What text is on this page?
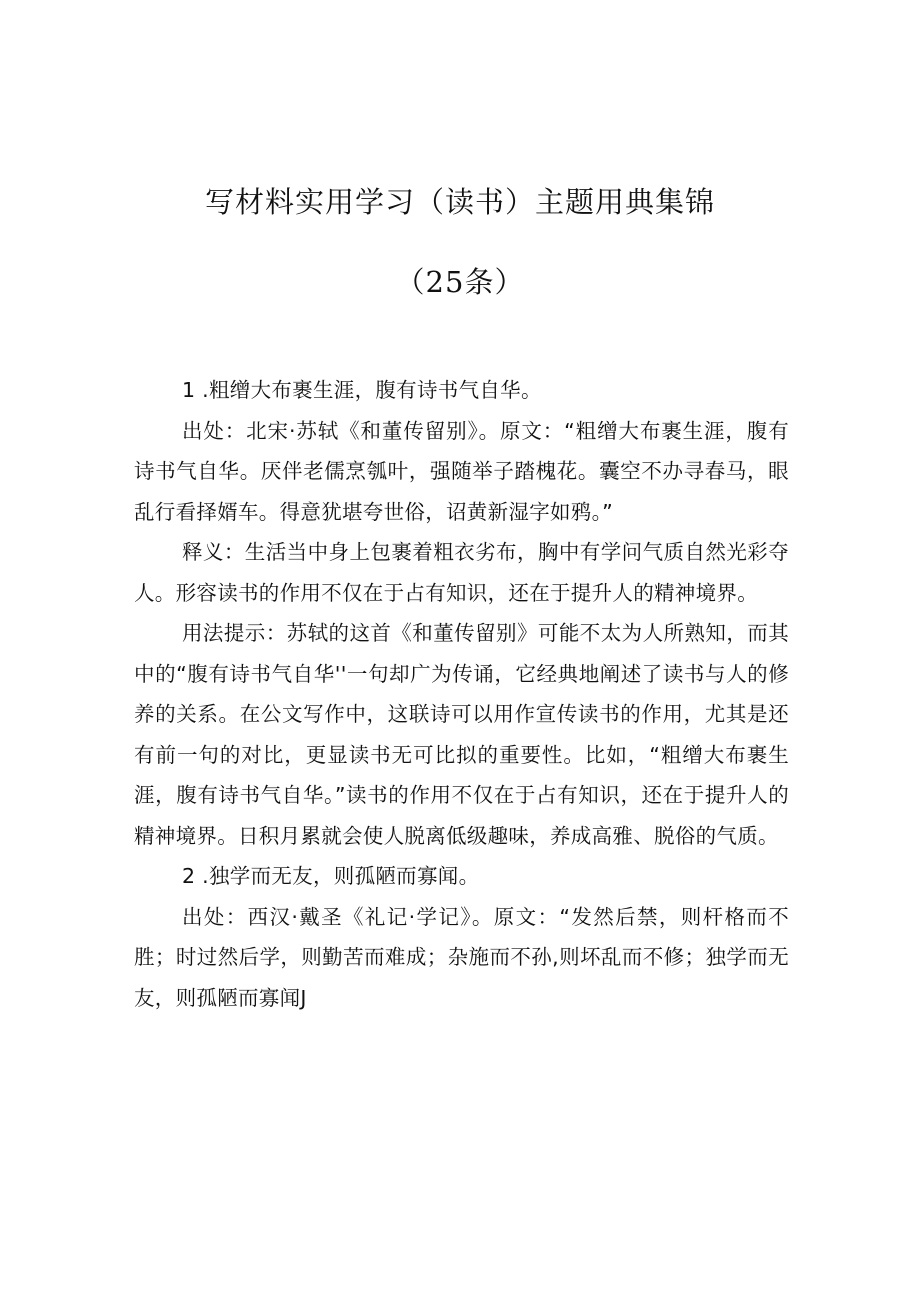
写材料实用学习（读书）主题用典集锦
（25条）

1 .粗缯大布裹生涯，腹有诗书气自华。

出处：北宋·苏轼《和董传留别》。原文：“粗缯大布裹生涯，腹有诗书气自华。厌伴老儒烹瓠叶，强随举子踏槐花。囊空不办寻春马，眼乱行看择婿车。得意犹堪夸世俗，诏黄新湿字如鸦。”

释义：生活当中身上包裹着粗衣劣布，胸中有学问气质自然光彩夺人。形容读书的作用不仅在于占有知识，还在于提升人的精神境界。

用法提示：苏轼的这首《和董传留别》可能不太为人所熟知，而其中的“腹有诗书气自华''一句却广为传诵，它经典地阐述了读书与人的修养的关系。在公文写作中，这联诗可以用作宣传读书的作用，尤其是还有前一句的对比，更显读书无可比拟的重要性。比如，“粗缯大布裹生涯，腹有诗书气自华。”读书的作用不仅在于占有知识，还在于提升人的精神境界。日积月累就会使人脱离低级趣味，养成高雅、脱俗的气质。

2 .独学而无友，则孤陋而寡闻。

出处：西汉·戴圣《礼记·学记》。原文：“发然后禁，则杆格而不胜；时过然后学，则勤苦而难成；杂施而不孙,则坏乱而不修；独学而无友，则孤陋而寡闻J
